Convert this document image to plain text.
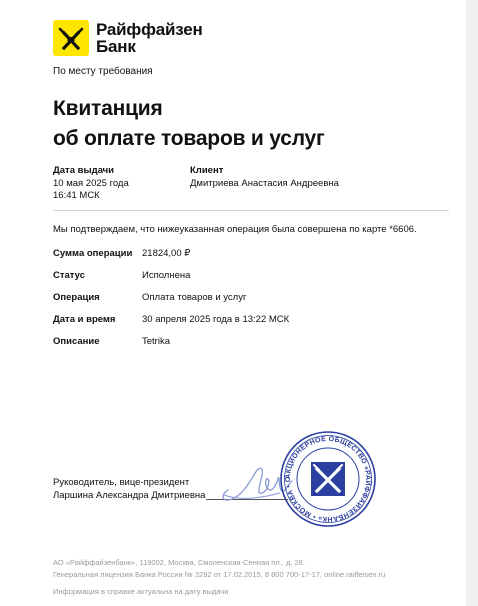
Райффайзен
Банк
По месту требования
Квитанция
об оплате товаров и услуг
Дата выдачи
10 мая 2025 года
16:41 МСК
Клиент
Дмитриева Анастасия Андреевна
Мы подтверждаем, что нижеуказанная операция была совершена по карте *6606.
Сумма операции 21824,00 ₽
Статус	Исполнена
Операция	Оплата товаров и услуг
Дата и время	30 апреля 2025 года в 13:22 МСК
Описание	Tetrika
Руководитель, вице-президент
Ларшина Александра Дмитриевна
АКЦИОНЕРНОЕ ОБЩЕСТВО «РАЙФФАЙЗЕНБАНК» • МОСКВА • О
АО «Райффайзенбанк», 119002, Москва, Смоленская-Сенная пл., д. 28.
Генеральная лицензия Банка России № 3292 от 17.02.2015, 8 800 700-17-17, online.raiffeisen.ru
Информация в справке актуальна на дату выдачи
